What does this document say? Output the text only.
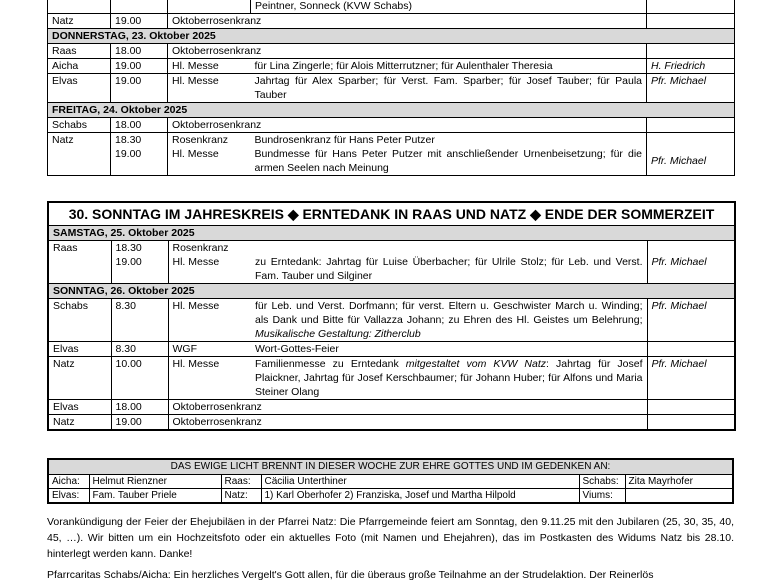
			Peintner, Sonneck (KVW Schabs)	
Natz	19.00	Oktoberrosenkranz		
DONNERSTAG, 23. Oktober 2025				
Raas	18.00	Oktoberrosenkranz		
Aicha	19.00	Hl. Messe	für Lina Zingerle; für Alois Mitterrutzner; für Aulenthaler Theresia	H. Friedrich
Elvas	19.00	Hl. Messe	Jahrtag für Alex Sparber; für Verst. Fam. Sparber; für Josef Tauber; für Paula Tauber	Pfr. Michael
FREITAG, 24. Oktober 2025				
Schabs	18.00	Oktoberrosenkranz		
Natz	18.30	Rosenkranz	Bundrosenkranz für Hans Peter Putzer	
	19.00	Hl. Messe	Bundmesse für Hans Peter Putzer mit anschließender Urnenbeisetzung; für die armen Seelen nach Meinung	Pfr. Michael
30. SONNTAG IM JAHRESKREIS ◆ ERNTEDANK IN RAAS UND NATZ ◆ ENDE DER SOMMERZEIT				
SAMSTAG, 25. Oktober 2025				
Raas	18.30	Rosenkranz		
	19.00	Hl. Messe	zu Erntedank: Jahrtag für Luise Überbacher; für Ulrile Stolz; für Leb. und Verst. Fam. Tauber und Silginer	Pfr. Michael
SONNTAG, 26. Oktober 2025				
Schabs	8.30	Hl. Messe	für Leb. und Verst. Dorfmann; für verst. Eltern u. Geschwister March u. Winding; als Dank und Bitte für Vallazza Johann; zu Ehren des Hl. Geistes um Belehrung; Musikalische Gestaltung: Zitherclub	Pfr. Michael
Elvas	8.30	WGF	Wort-Gottes-Feier	
Natz	10.00	Hl. Messe	Familienmesse zu Erntedank mitgestaltet vom KVW Natz: Jahrtag für Josef Plaickner, Jahrtag für Josef Kerschbaumer; für Johann Huber; für Alfons und Maria Steiner Olang	Pfr. Michael
Elvas	18.00	Oktoberrosenkranz		
Natz	19.00	Oktoberrosenkranz		
DAS EWIGE LICHT BRENNT IN DIESER WOCHE ZUR EHRE GOTTES UND IM GEDENKEN AN:
Aicha:	Helmut Rienzner	Raas:	Cäcilia Unterthiner	Schabs:	Zita Mayrhofer
Elvas:	Fam. Tauber Priele	Natz:	1) Karl Oberhofer 2) Franziska, Josef und Martha Hilpold	Viums:	

Vorankündigung der Feier der Ehejubiläen in der Pfarrei Natz: Die Pfarrgemeinde feiert am Sonntag, den 9.11.25 mit den Jubilaren (25, 30, 35, 40, 45, …). Wir bitten um ein Hochzeitsfoto oder ein aktuelles Foto (mit Namen und Ehejahren), das im Postkasten des Widums Natz bis 28.10. hinterlegt werden kann. Danke!

Pfarrcaritas Schabs/Aicha: Ein herzliches Vergelt's Gott allen, für die überaus große Teilnahme an der Strudelaktion. Der Reinerlös
